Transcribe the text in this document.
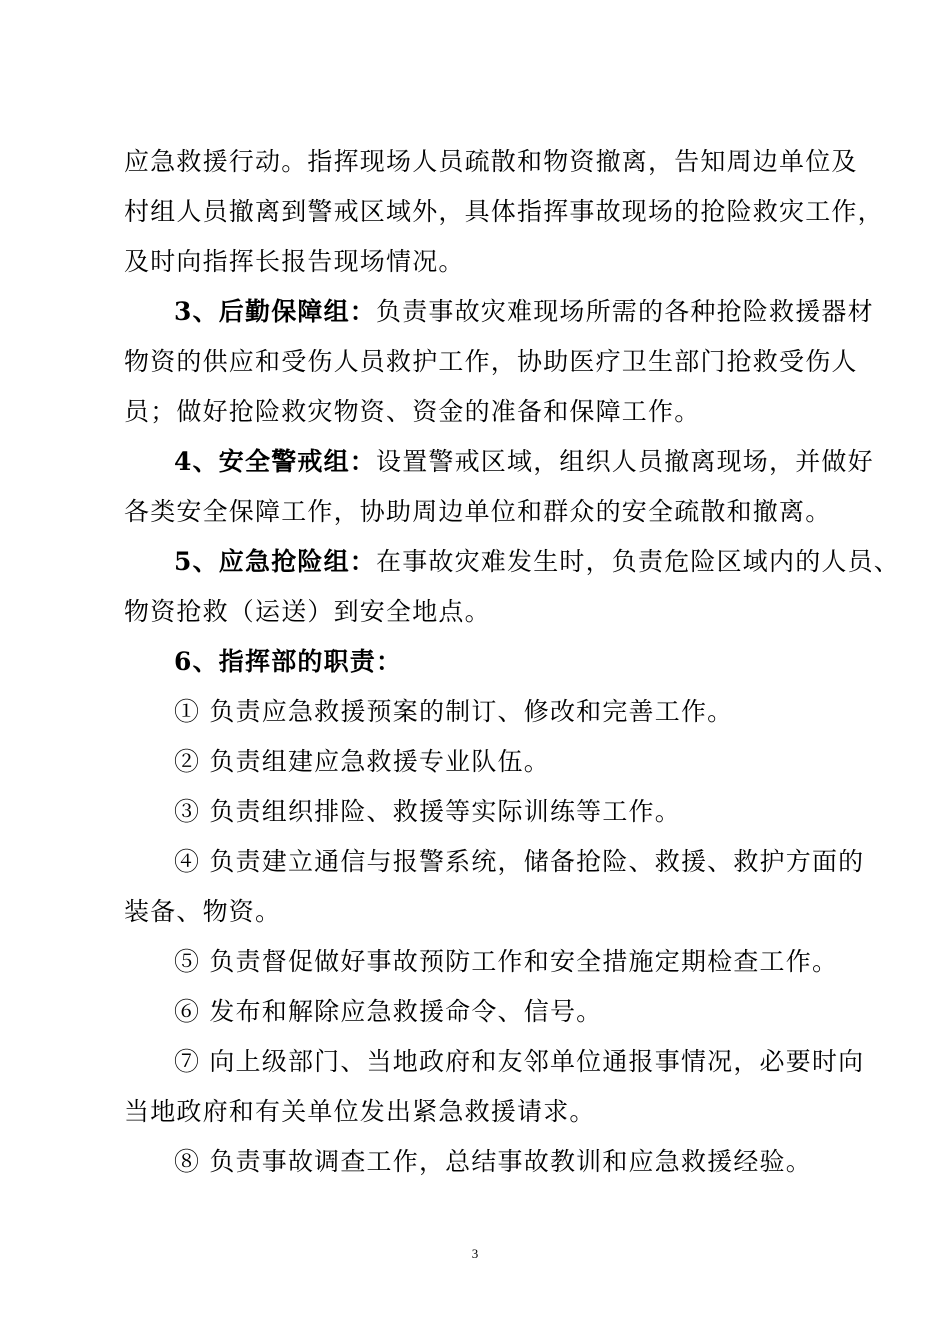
应急救援行动。指挥现场人员疏散和物资撤离，告知周边单位及
村组人员撤离到警戒区域外，具体指挥事故现场的抢险救灾工作，
及时向指挥长报告现场情况。
3、后勤保障组：负责事故灾难现场所需的各种抢险救援器材
物资的供应和受伤人员救护工作，协助医疗卫生部门抢救受伤人
员；做好抢险救灾物资、资金的准备和保障工作。
4、安全警戒组：设置警戒区域，组织人员撤离现场，并做好
各类安全保障工作，协助周边单位和群众的安全疏散和撤离。
5、应急抢险组：在事故灾难发生时，负责危险区域内的人员、
物资抢救（运送）到安全地点。
6、指挥部的职责：
① 负责应急救援预案的制订、修改和完善工作。
② 负责组建应急救援专业队伍。
③ 负责组织排险、救援等实际训练等工作。
④ 负责建立通信与报警系统，储备抢险、救援、救护方面的
装备、物资。
⑤ 负责督促做好事故预防工作和安全措施定期检查工作。
⑥ 发布和解除应急救援命令、信号。
⑦ 向上级部门、当地政府和友邻单位通报事情况，必要时向
当地政府和有关单位发出紧急救援请求。
⑧ 负责事故调查工作，总结事故教训和应急救援经验。
3
